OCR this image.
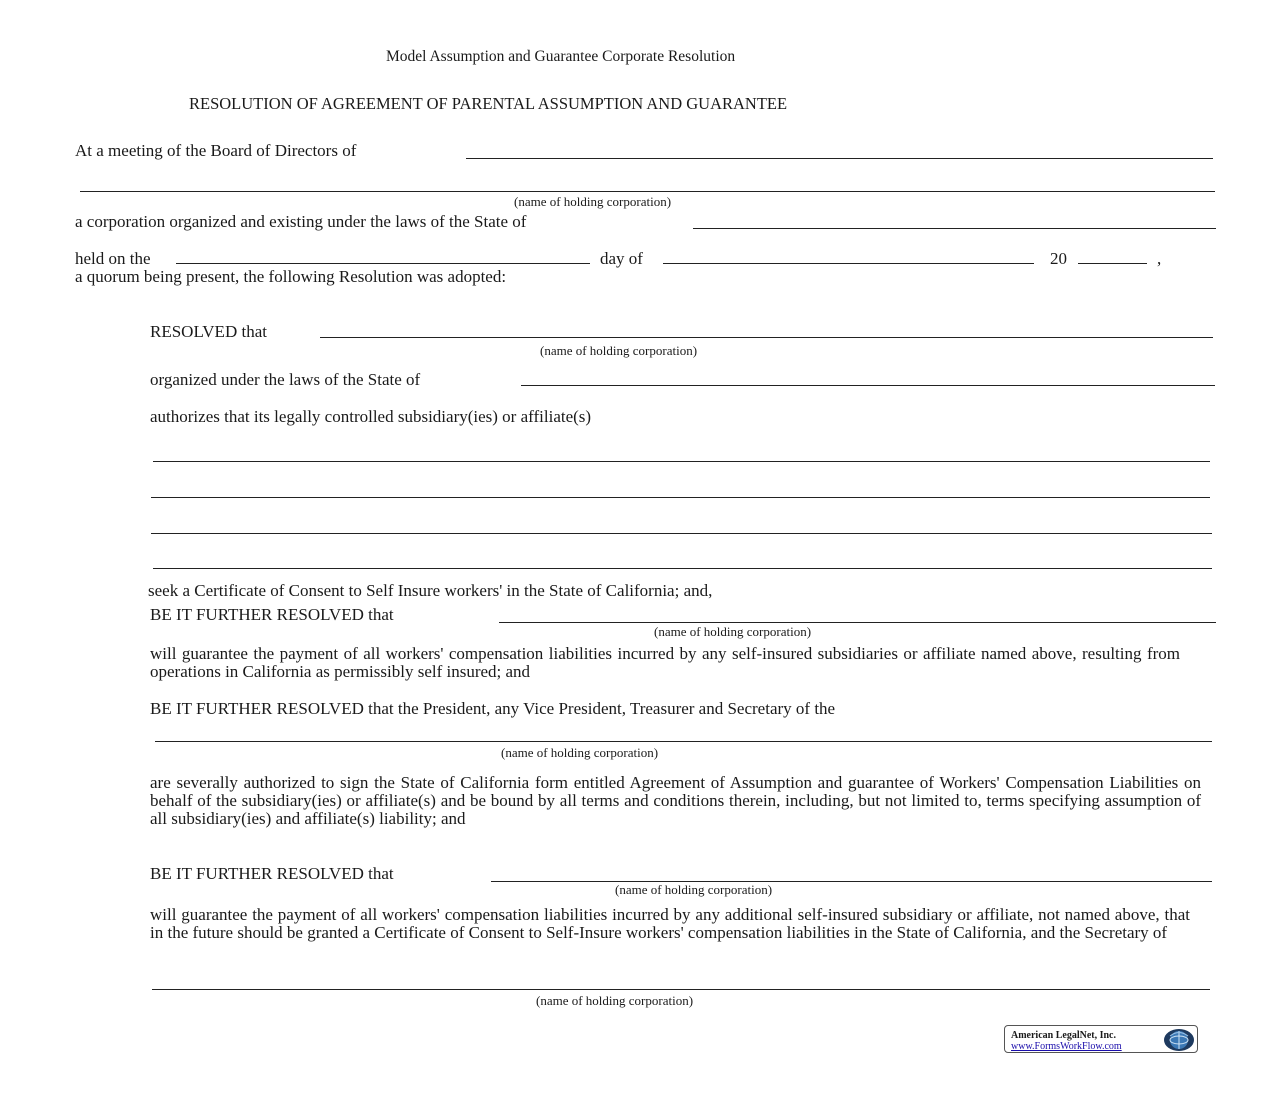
Model Assumption and Guarantee Corporate Resolution
RESOLUTION OF AGREEMENT OF PARENTAL ASSUMPTION AND GUARANTEE
At a meeting of the Board of Directors of
(name of holding corporation)
a corporation organized and existing under the laws of the State of
held on the	day of	20	,
a quorum being present, the following Resolution was adopted:
RESOLVED that
(name of holding corporation)
organized under the laws of the State of
authorizes that its legally controlled subsidiary(ies) or affiliate(s)
seek a Certificate of Consent to Self Insure workers' in the State of California; and,
BE IT FURTHER RESOLVED that
(name of holding corporation)
will guarantee the payment of all workers' compensation liabilities incurred by any self-insured subsidiaries or affiliate named above, resulting from operations in California as permissibly self insured; and
BE IT FURTHER RESOLVED that the President, any Vice President, Treasurer and Secretary of the
(name of holding corporation)
are severally authorized to sign the State of California form entitled Agreement of Assumption and guarantee of Workers' Compensation Liabilities on behalf of the subsidiary(ies) or affiliate(s) and be bound by all terms and conditions therein, including, but not limited to, terms specifying assumption of all subsidiary(ies) and affiliate(s) liability; and
BE IT FURTHER RESOLVED that
(name of holding corporation)
will guarantee the payment of all workers' compensation liabilities incurred by any additional self-insured subsidiary or affiliate, not named above, that in the future should be granted a Certificate of Consent to Self-Insure workers' compensation liabilities in the State of California, and the Secretary of
(name of holding corporation)
American LegalNet, Inc.
www.FormsWorkFlow.com
